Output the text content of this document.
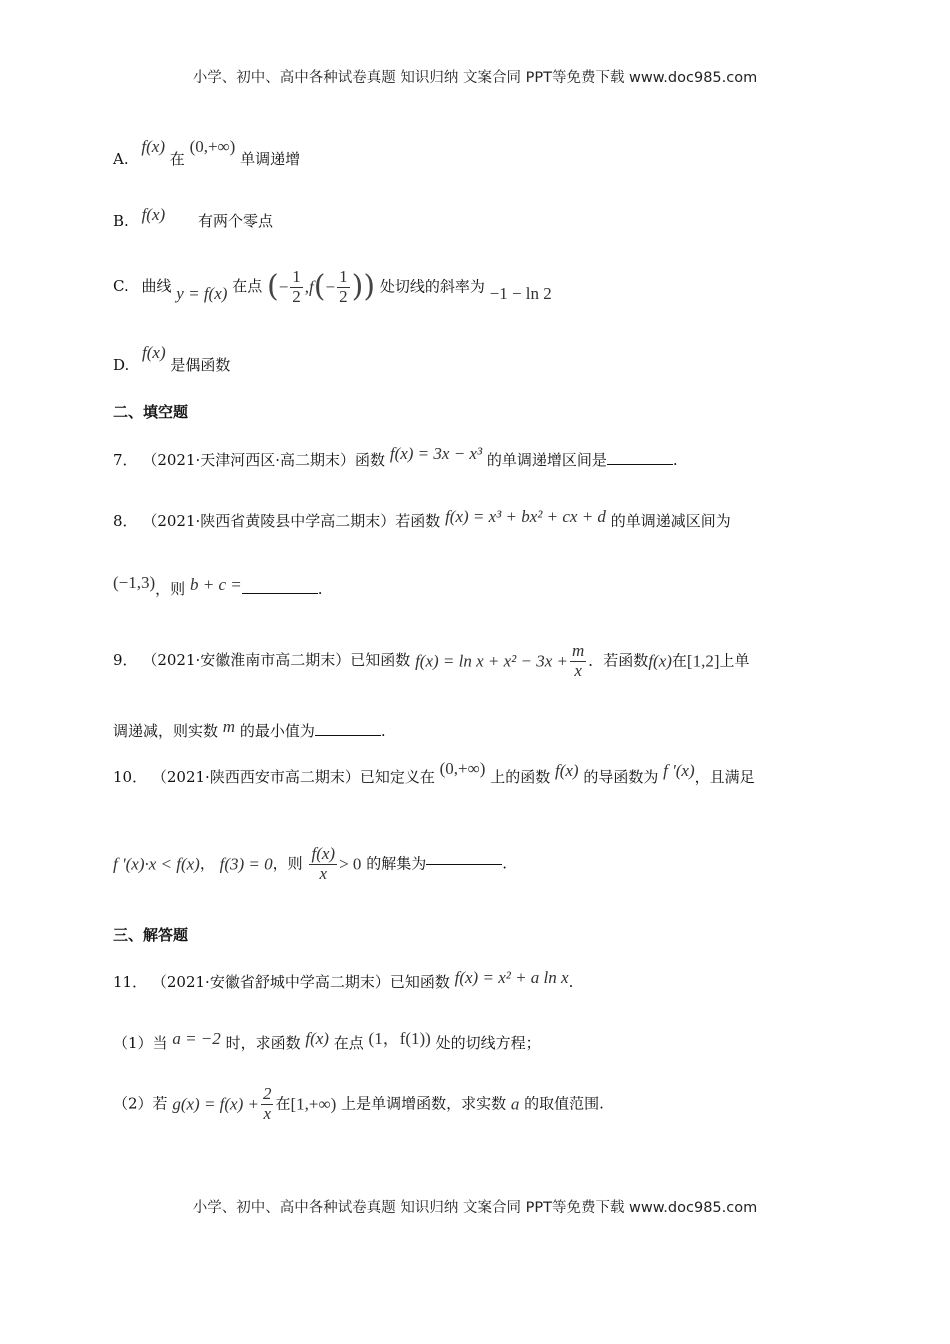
小学、初中、高中各种试卷真题 知识归纳 文案合同 PPT等免费下载 www.doc985.com
A. f(x) 在 (0,+∞) 单调递增
B. f(x) 有两个零点
C. 曲线 y = f(x) 在点 (− $\frac{1}{2} ,f(- \frac{1}{2}$ )) 处切线的斜率为 −1 − ln 2
D. f(x) 是偶函数
二、填空题
7． （2021·天津河西区·高二期末）函数 f(x) = 3x − x³ 的单调递增区间是	.
8． （2021·陕西省黄陵县中学高二期末）若函数 f(x) = x³ + bx² + cx + d 的单调递减区间为
(−1,3)，则 b + c =	.
9． （2021·安徽淮南市高二期末）已知函数 $f(x) = \ln x + x^2 - 3x + \frac{m}{x}$ ．若函数f(x)在[1,2]上单
调递减，则实数 m 的最小值为	.
10． （2021·陕西西安市高二期末）已知定义在 (0,+∞) 上的函数 f(x) 的导函数为 f '(x)，且满足
f '(x)·x < f(x)， f(3) = 0，则 $\frac{f(x)}{x} > 0$ 的解集为	.
三、解答题
11． （2021·安徽省舒城中学高二期末）已知函数 f(x) = x² + a ln x.
（1）当 a = −2 时，求函数 f(x) 在点 (1，f(1)) 处的切线方程；
（2）若 $g(x) = f(x) + \frac{2}{x}$ 在[1,+∞) 上是单调增函数，求实数 a 的取值范围.
小学、初中、高中各种试卷真题 知识归纳 文案合同 PPT等免费下载 www.doc985.com
